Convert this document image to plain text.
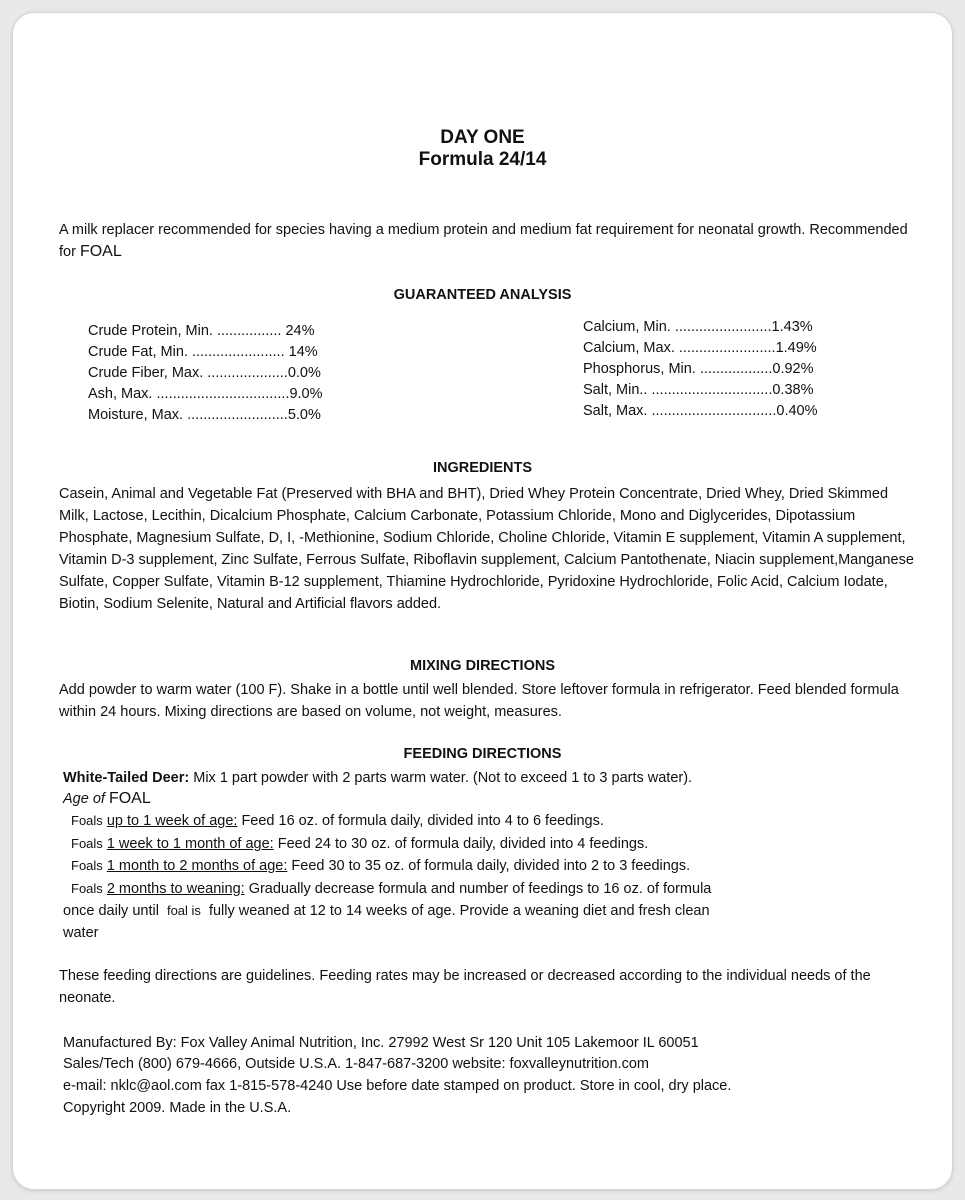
DAY ONE
Formula 24/14
A milk replacer recommended for species having a medium protein and medium fat requirement for neonatal growth. Recommended for FOAL
GUARANTEED ANALYSIS
Crude Protein, Min. ................ 24%
Crude Fat, Min. ....................... 14%
Crude Fiber, Max. ....................0.0%
Ash, Max. .................................9.0%
Moisture, Max. .........................5.0%
Calcium, Min. ........................1.43%
Calcium, Max. ........................1.49%
Phosphorus, Min. ..................0.92%
Salt, Min.. ..............................0.38%
Salt, Max. ...............................0.40%
INGREDIENTS
Casein, Animal and Vegetable Fat (Preserved with BHA and BHT), Dried Whey Protein Concentrate, Dried Whey, Dried Skimmed Milk, Lactose, Lecithin, Dicalcium Phosphate, Calcium Carbonate, Potassium Chloride, Mono and Diglycerides, Dipotassium Phosphate, Magnesium Sulfate, D, I, -Methionine, Sodium Chloride, Choline Chloride, Vitamin E supplement, Vitamin A supplement, Vitamin D-3 supplement, Zinc Sulfate, Ferrous Sulfate, Riboflavin supplement, Calcium Pantothenate, Niacin supplement,Manganese Sulfate, Copper Sulfate, Vitamin B-12 supplement, Thiamine Hydrochloride, Pyridoxine Hydrochloride, Folic Acid, Calcium Iodate, Biotin, Sodium Selenite, Natural and Artificial flavors added.
MIXING DIRECTIONS
Add powder to warm water (100 F). Shake in a bottle until well blended. Store leftover formula in refrigerator. Feed blended formula within 24 hours. Mixing directions are based on volume, not weight, measures.
FEEDING DIRECTIONS
White-Tailed Deer: Mix 1 part powder with 2 parts warm water. (Not to exceed 1 to 3 parts water).
Age of FOAL
Foals up to 1 week of age: Feed 16 oz. of formula daily, divided into 4 to 6 feedings.
Foals 1 week to 1 month of age: Feed 24 to 30 oz. of formula daily, divided into 4 feedings.
Foals 1 month to 2 months of age: Feed 30 to 35 oz. of formula daily, divided into 2 to 3 feedings.
Foals 2 months to weaning: Gradually decrease formula and number of feedings to 16 oz. of formula
once daily until foal is fully weaned at 12 to 14 weeks of age. Provide a weaning diet and fresh clean
water
These feeding directions are guidelines. Feeding rates may be increased or decreased according to the individual needs of the neonate.
Manufactured By: Fox Valley Animal Nutrition, Inc. 27992 West Sr 120 Unit 105 Lakemoor IL 60051
Sales/Tech (800) 679-4666, Outside U.S.A. 1-847-687-3200 website: foxvalleynutrition.com
e-mail: nklc@aol.com fax 1-815-578-4240 Use before date stamped on product. Store in cool, dry place.
Copyright 2009. Made in the U.S.A.
